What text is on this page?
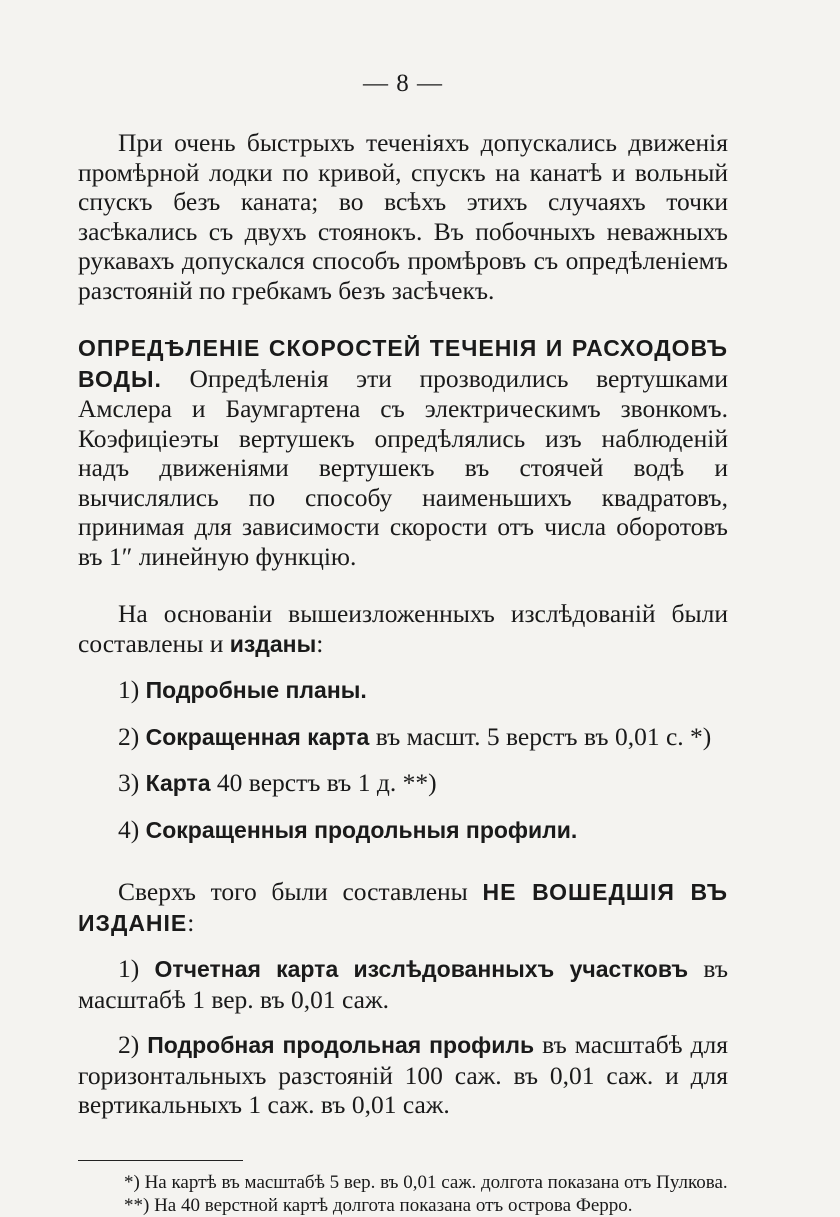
— 8 —

При очень быстрыхъ теченіяхъ допускались движенія промѣрной лодки по кривой, спускъ на канатѣ и вольный спускъ безъ каната; во всѣхъ этихъ случаяхъ точки засѣкались съ двухъ стоянокъ. Въ побочныхъ неважныхъ рукавахъ допускался способъ промѣровъ съ опредѣленіемъ разстояній по гребкамъ безъ засѣчекъ.

ОПРЕДѢЛЕНІЕ СКОРОСТЕЙ ТЕЧЕНІЯ И РАСХОДОВЪ ВОДЫ. Опредѣленія эти прозводились вертушками Амслера и Баумгартена съ электрическимъ звонкомъ. Коэфиціеэты вертушекъ опредѣлялись изъ наблюденій надъ движеніями вертушекъ въ стоячей водѣ и вычислялись по способу наименьшихъ квадратовъ, принимая для зависимости скорости отъ числа оборотовъ въ 1″ линейную функцію.

На основаніи вышеизложенныхъ изслѣдованій были составлены и изданы:

1) Подробные планы.
2) Сокращенная карта въ масшт. 5 верстъ въ 0,01 с. *)
3) Карта 40 верстъ въ 1 д. **)
4) Сокращенныя продольныя профили.

Сверхъ того были составлены НЕ ВОШЕДШІЯ ВЪ ИЗДАНІЕ:

1) Отчетная карта изслѣдованныхъ участковъ въ масштабѣ 1 вер. въ 0,01 саж.

2) Подробная продольная профиль въ масштабѣ для горизонтальныхъ разстояній 100 саж. въ 0,01 саж. и для вертикальныхъ 1 саж. въ 0,01 саж.

*) На картѣ въ масштабѣ 5 вер. въ 0,01 саж. долгота показана отъ Пулкова.

**) На 40 верстной картѣ долгота показана отъ острова Ферро.
